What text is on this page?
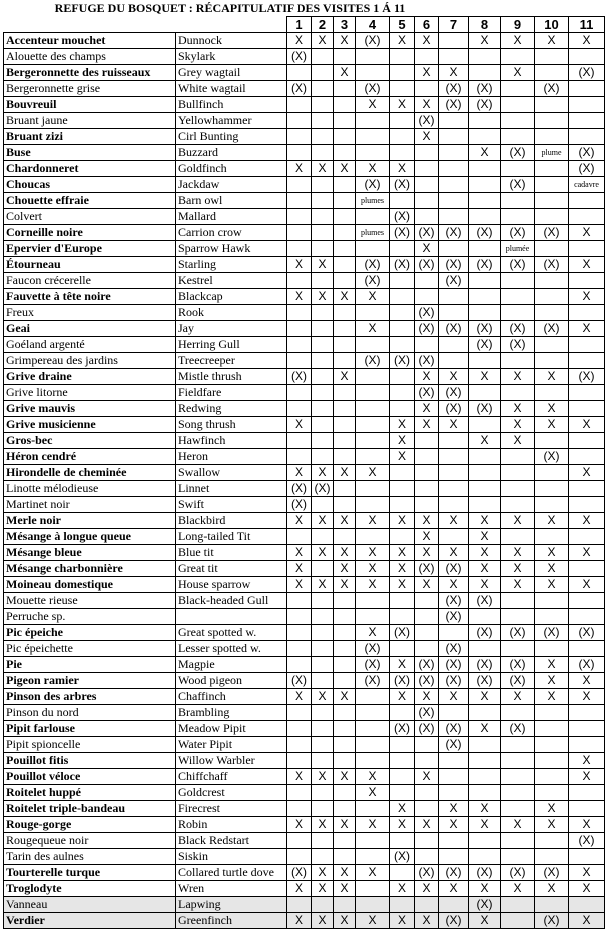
REFUGE DU BOSQUET : RÉCAPITULATIF DES VISITES 1 Á 11
		1	2	3	4	5	6	7	8	9	10	11
Accenteur mouchet	Dunnock	X	X	X	(X)	X	X		X	X	X	X
Alouette des champs	Skylark	(X)										
Bergeronnette des ruisseaux	Grey wagtail			X			X	X		X		(X)
Bergeronnette grise	White wagtail	(X)			(X)			(X)	(X)		(X)	
Bouvreuil	Bullfinch				X	X	X	(X)	(X)			
Bruant jaune	Yellowhammer						(X)					
Bruant zizi	Cirl Bunting						X					
Buse	Buzzard								X	(X)	plume	(X)
Chardonneret	Goldfinch	X	X	X	X	X						(X)
Choucas	Jackdaw				(X)	(X)				(X)		cadavre
Chouette effraie	Barn owl				plumes							
Colvert	Mallard					(X)						
Corneille noire	Carrion crow				plumes	(X)	(X)	(X)	(X)	(X)	(X)	X
Epervier d'Europe	Sparrow Hawk						X			plumée		
Étourneau	Starling	X	X		(X)	(X)	(X)	(X)	(X)	(X)	(X)	X
Faucon crécerelle	Kestrel				(X)			(X)				
Fauvette à tête noire	Blackcap	X	X	X	X							X
Freux	Rook						(X)					
Geai	Jay				X		(X)	(X)	(X)	(X)	(X)	X
Goéland argenté	Herring Gull								(X)	(X)		
Grimpereau des jardins	Treecreeper				(X)	(X)	(X)					
Grive draine	Mistle thrush	(X)		X			X	X	X	X	X	(X)
Grive litorne	Fieldfare						(X)	(X)				
Grive mauvis	Redwing						X	(X)	(X)	X	X	
Grive musicienne	Song thrush	X				X	X	X		X	X	X
Gros-bec	Hawfinch					X			X	X		
Héron cendré	Heron					X					(X)	
Hirondelle de cheminée	Swallow	X	X	X	X							X
Linotte mélodieuse	Linnet	(X)	(X)									
Martinet noir	Swift	(X)										
Merle noir	Blackbird	X	X	X	X	X	X	X	X	X	X	X
Mésange à longue queue	Long-tailed Tit						X		X			
Mésange bleue	Blue tit	X	X	X	X	X	X	X	X	X	X	X
Mésange charbonnière	Great tit	X		X	X	X	(X)	(X)	X	X	X	
Moineau domestique	House sparrow	X	X	X	X	X	X	X	X	X	X	X
Mouette rieuse	Black-headed Gull							(X)	(X)			
Perruche sp.								(X)				
Pic épeiche	Great spotted w.				X	(X)			(X)	(X)	(X)	(X)
Pic épeichette	Lesser spotted w.				(X)			(X)				
Pie	Magpie				(X)	X	(X)	(X)	(X)	(X)	X	(X)
Pigeon ramier	Wood pigeon	(X)			(X)	(X)	(X)	(X)	(X)	(X)	X	X
Pinson des arbres	Chaffinch	X	X	X		X	X	X	X	X	X	X
Pinson du nord	Brambling						(X)					
Pipit farlouse	Meadow Pipit					(X)	(X)	(X)	X	(X)		
Pipit spioncelle	Water Pipit							(X)				
Pouillot fitis	Willow Warbler											X
Pouillot véloce	Chiffchaff	X	X	X	X		X					X
Roitelet huppé	Goldcrest				X							
Roitelet triple-bandeau	Firecrest					X		X	X		X	
Rouge-gorge	Robin	X	X	X	X	X	X	X	X	X	X	X
Rougequeue noir	Black Redstart											(X)
Tarin des aulnes	Siskin					(X)						
Tourterelle turque	Collared turtle dove	(X)	X	X	X		(X)	(X)	(X)	(X)	(X)	X
Troglodyte	Wren	X	X	X		X	X	X	X	X	X	X
Vanneau	Lapwing								(X)			
Verdier	Greenfinch	X	X	X	X	X	X	(X)	X		(X)	X
